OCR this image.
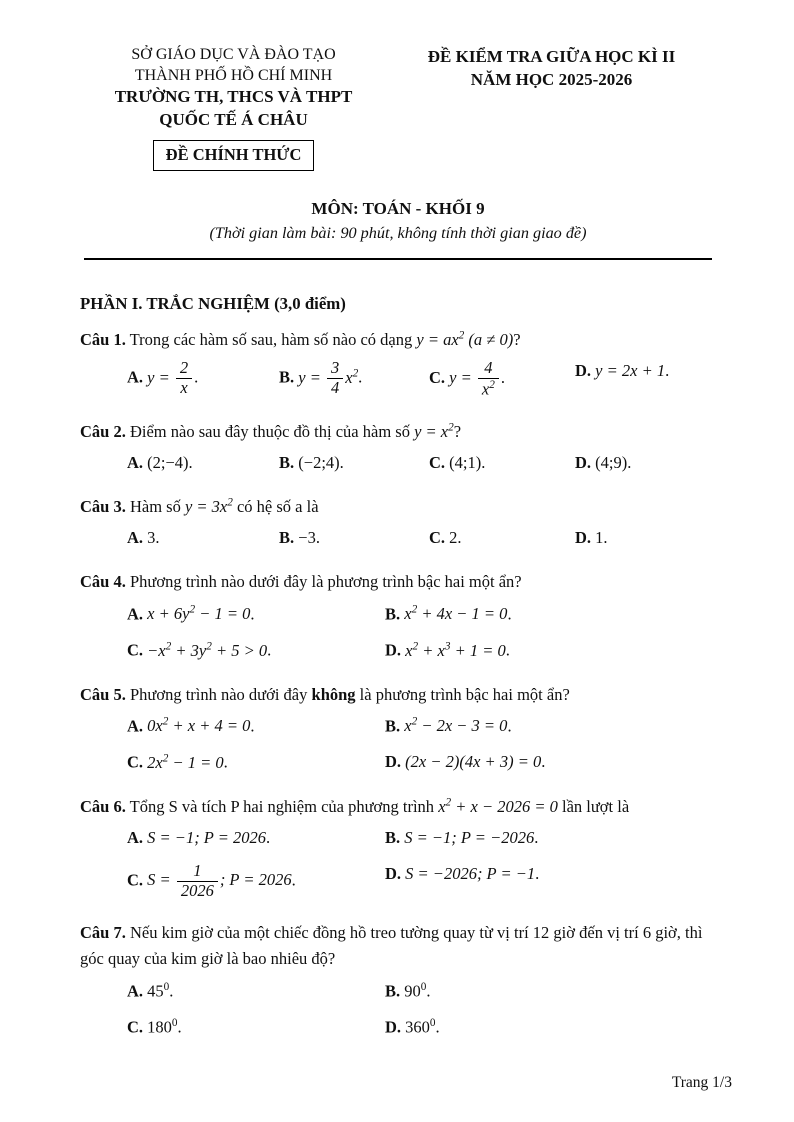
SỞ GIÁO DỤC VÀ ĐÀO TẠO
THÀNH PHỐ HỒ CHÍ MINH
TRƯỜNG TH, THCS VÀ THPT
QUỐC TẾ Á CHÂU
ĐỀ CHÍNH THỨC
ĐỀ KIỂM TRA GIỮA HỌC KÌ II
NĂM HỌC 2025-2026
MÔN: TOÁN - KHỐI 9
(Thời gian làm bài: 90 phút, không tính thời gian giao đề)
PHẦN I. TRẮC NGHIỆM (3,0 điểm)
Câu 1. Trong các hàm số sau, hàm số nào có dạng $y = ax^2$ (a ≠ 0)?
A. $y = \frac{2}{x}$ .	B. $y = \frac{3}{4} x^2$.	C. $y = \frac{4}{x^2}$ .	D. y = 2x + 1.
Câu 2. Điểm nào sau đây thuộc đồ thị của hàm số $y = x^2$?
A. (2;−4).	B. (−2;4).	C. (4;1).	D. (4;9).
Câu 3. Hàm số $y = 3x^2$ có hệ số a là
A. 3.	B. −3.	C. 2.	D. 1.
Câu 4. Phương trình nào dưới đây là phương trình bậc hai một ẩn?
A. $x + 6y^2 - 1 = 0$.	B. $x^2 + 4x - 1 = 0$.
C. $-x^2 + 3y^2 + 5 > 0$.	D. $x^2 + x^3 + 1 = 0$.
Câu 5. Phương trình nào dưới đây không là phương trình bậc hai một ẩn?
A. $0x^2 + x + 4 = 0$.	B. $x^2 - 2x - 3 = 0$.
C. $2x^2 - 1 = 0$.	D. (2x − 2)(4x + 3) = 0.
Câu 6. Tổng S và tích P hai nghiệm của phương trình $x^2 + x - 2026 = 0$ lần lượt là
A. S = −1; P = 2026.	B. S = −1; P = −2026.
C. $S = \frac{1}{2026}$ ; P = 2026.	D. S = −2026; P = −1.
Câu 7. Nếu kim giờ của một chiếc đồng hồ treo tường quay từ vị trí 12 giờ đến vị trí 6 giờ, thì góc quay của kim giờ là bao nhiêu độ?
A. $45^0$.	B. $90^0$.
C. $180^0$.	D. $360^0$.
Trang 1/3
